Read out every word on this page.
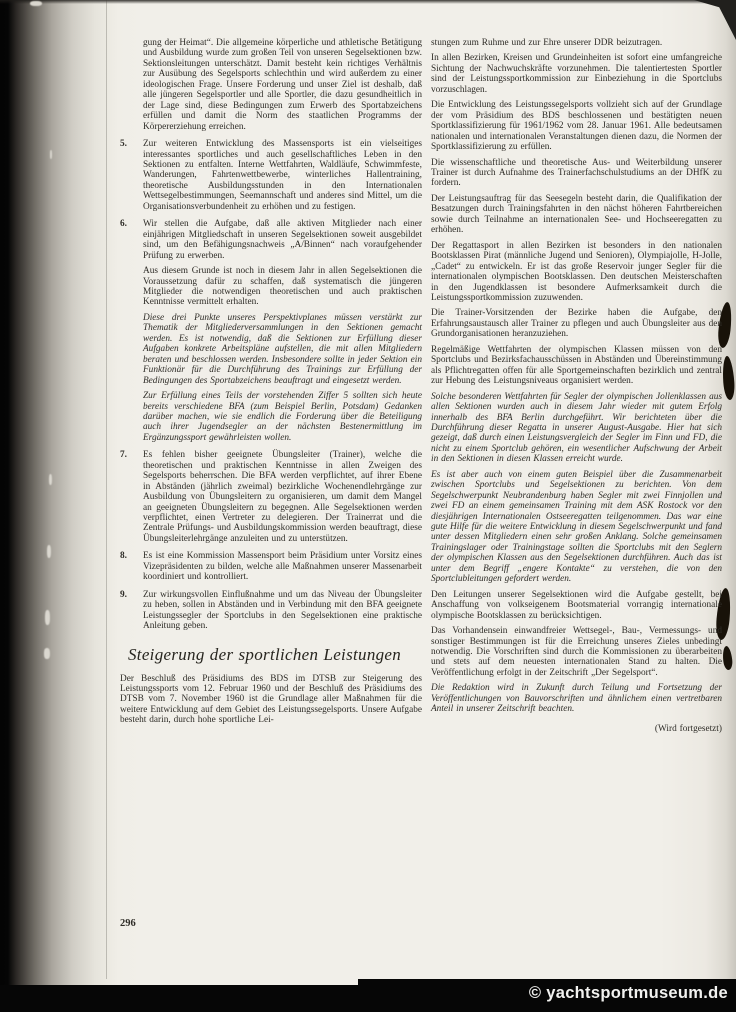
gung der Heimat“. Die allgemeine körperliche und athletische Betätigung und Ausbildung wurde zum großen Teil von unseren Segelsektionen bzw. Sektionsleitungen unterschätzt. Damit besteht kein richtiges Verhältnis zur Ausübung des Segelsports schlechthin und wird außerdem zu einer ideologischen Frage. Unsere Forderung und unser Ziel ist deshalb, daß alle jüngeren Segelsportler und alle Sportler, die dazu gesundheitlich in der Lage sind, diese Bedingungen zum Erwerb des Sportabzeichens erfüllen und damit die Norm des staatlichen Programms der Körpererziehung erreichen.

5. Zur weiteren Entwicklung des Massensports ist ein vielseitiges interessantes sportliches und auch gesellschaftliches Leben in den Sektionen zu entfalten. Interne Wettfahrten, Waldläufe, Schwimmfeste, Wanderungen, Fahrtenwettbewerbe, winterliches Hallentraining, theoretische Ausbildungsstunden in den Internationalen Wettsegelbestimmungen, Seemannschaft und anderes sind Mittel, um die Organisationsverbundenheit zu erhöhen und zu festigen.
6. Wir stellen die Aufgabe, daß alle aktiven Mitglieder nach einer einjährigen Mitgliedschaft in unseren Segelsektionen soweit ausgebildet sind, um den Befähigungsnachweis „A/Binnen“ nach voraufgehender Prüfung zu erwerben.

Aus diesem Grunde ist noch in diesem Jahr in allen Segelsektionen die Voraussetzung dafür zu schaffen, daß systematisch die jüngeren Mitglieder die notwendigen theoretischen und auch praktischen Kenntnisse vermittelt erhalten.

Diese drei Punkte unseres Perspektivplanes müssen verstärkt zur Thematik der Mitgliederversammlungen in den Sektionen gemacht werden. Es ist notwendig, daß die Sektionen zur Erfüllung dieser Aufgaben konkrete Arbeitspläne aufstellen, die mit allen Mitgliedern beraten und beschlossen werden. Insbesondere sollte in jeder Sektion ein Funktionär für die Durchführung des Trainings zur Erfüllung der Bedingungen des Sportabzeichens beauftragt und eingesetzt werden.

Zur Erfüllung eines Teils der vorstehenden Ziffer 5 sollten sich heute bereits verschiedene BFA (zum Beispiel Berlin, Potsdam) Gedanken darüber machen, wie sie endlich die Forderung über die Beteiligung auch ihrer Jugendsegler an der nächsten Bestenermittlung im Ergänzungssport gewährleisten wollen.

7. Es fehlen bisher geeignete Übungsleiter (Trainer), welche die theoretischen und praktischen Kenntnisse in allen Zweigen des Segelsports beherrschen. Die BFA werden verpflichtet, auf ihrer Ebene in Abständen (jährlich zweimal) bezirkliche Wochenendlehrgänge zur Ausbildung von Übungsleitern zu organisieren, um damit dem Mangel an geeigneten Übungsleitern zu begegnen. Alle Segelsektionen werden verpflichtet, einen Vertreter zu delegieren. Der Trainerrat und die Zentrale Prüfungs- und Ausbildungskommission werden beauftragt, diese Übungsleiterlehrgänge anzuleiten und zu unterstützen.
8. Es ist eine Kommission Massensport beim Präsidium unter Vorsitz eines Vizepräsidenten zu bilden, welche alle Maßnahmen unserer Massenarbeit koordiniert und kontrolliert.
9. Zur wirkungsvollen Einflußnahme und um das Niveau der Übungsleiter zu heben, sollen in Abständen und in Verbindung mit den BFA geeignete Leistungssegler der Sportclubs in den Segelsektionen eine praktische Anleitung geben.
Steigerung der sportlichen Leistungen

Der Beschluß des Präsidiums des BDS im DTSB zur Steigerung des Leistungssports vom 12. Februar 1960 und der Beschluß des Präsidiums des DTSB vom 7. November 1960 ist die Grundlage aller Maßnahmen für die weitere Entwicklung auf dem Gebiet des Leistungssegelsports. Unsere Aufgabe besteht darin, durch hohe sportliche Lei-

stungen zum Ruhme und zur Ehre unserer DDR beizutragen.

In allen Bezirken, Kreisen und Grundeinheiten ist sofort eine umfangreiche Sichtung der Nachwuchskräfte vorzunehmen. Die talentiertesten Sportler sind der Leistungssportkommission zur Einbeziehung in die Sportclubs vorzuschlagen.

Die Entwicklung des Leistungssegelsports vollzieht sich auf der Grundlage der vom Präsidium des BDS beschlossenen und bestätigten neuen Sportklassifizierung für 1961/1962 vom 28. Januar 1961. Alle bedeutsamen nationalen und internationalen Veranstaltungen dienen dazu, die Normen der Sportklassifizierung zu erfüllen.

Die wissenschaftliche und theoretische Aus- und Weiterbildung unserer Trainer ist durch Aufnahme des Trainerfachschulstudiums an der DHfK zu fordern.

Der Leistungsauftrag für das Seesegeln besteht darin, die Qualifikation der Besatzungen durch Trainingsfahrten in den nächst höheren Fahrtbereichen sowie durch Teilnahme an internationalen See- und Hochseeregatten zu erhöhen.

Der Regattasport in allen Bezirken ist besonders in den nationalen Bootsklassen Pirat (männliche Jugend und Senioren), Olympiajolle, H-Jolle, „Cadet“ zu entwickeln. Er ist das große Reservoir junger Segler für die internationalen olympischen Bootsklassen. Den deutschen Meisterschaften in den Jugendklassen ist besondere Aufmerksamkeit durch die Leistungssportkommission zuzuwenden.

Die Trainer-Vorsitzenden der Bezirke haben die Aufgabe, den Erfahrungsaustausch aller Trainer zu pflegen und auch Übungsleiter aus den Grundorganisationen heranzuziehen.

Regelmäßige Wettfahrten der olympischen Klassen müssen von den Sportclubs und Bezirksfachausschüssen in Abständen und Übereinstimmung als Pflichtregatten offen für alle Sportgemeinschaften bezirklich und zentral zur Hebung des Leistungsniveaus organisiert werden.

Solche besonderen Wettfahrten für Segler der olympischen Jollenklassen aus allen Sektionen wurden auch in diesem Jahr wieder mit gutem Erfolg innerhalb des BFA Berlin durchgeführt. Wir berichteten über die Durchführung dieser Regatta in unserer August-Ausgabe. Hier hat sich gezeigt, daß durch einen Leistungsvergleich der Segler im Finn und FD, die nicht zu einem Sportclub gehören, ein wesentlicher Aufschwung der Arbeit in den Sektionen in diesen Klassen erreicht wurde.

Es ist aber auch von einem guten Beispiel über die Zusammenarbeit zwischen Sportclubs und Segelsektionen zu berichten. Von dem Segelschwerpunkt Neubrandenburg haben Segler mit zwei Finnjollen und zwei FD an einem gemeinsamen Training mit dem ASK Rostock vor den diesjährigen Internationalen Ostseeregatten teilgenommen. Das war eine gute Hilfe für die weitere Entwicklung in diesem Segelschwerpunkt und fand unter dessen Mitgliedern einen sehr großen Anklang. Solche gemeinsamen Trainingslager oder Trainingstage sollten die Sportclubs mit den Seglern der olympischen Klassen aus den Segelsektionen durchführen. Auch das ist unter dem Begriff „engere Kontakte“ zu verstehen, die von den Sportclubleitungen gefordert werden.

Den Leitungen unserer Segelsektionen wird die Aufgabe gestellt, bei Anschaffung von volkseigenem Bootsmaterial vorrangig internationale olympische Bootsklassen zu berücksichtigen.

Das Vorhandensein einwandfreier Wettsegel-, Bau-, Vermessungs- und sonstiger Bestimmungen ist für die Erreichung unseres Zieles unbedingt notwendig. Die Vorschriften sind durch die Kommissionen zu überarbeiten und stets auf dem neuesten internationalen Stand zu halten. Die Veröffentlichung erfolgt in der Zeitschrift „Der Segelsport“.

Die Redaktion wird in Zukunft durch Teilung und Fortsetzung der Veröffentlichungen von Bauvorschriften und ähnlichem einen vertretbaren Anteil in unserer Zeitschrift beachten.

(Wird fortgesetzt)

296
© yachtsportmuseum.de
